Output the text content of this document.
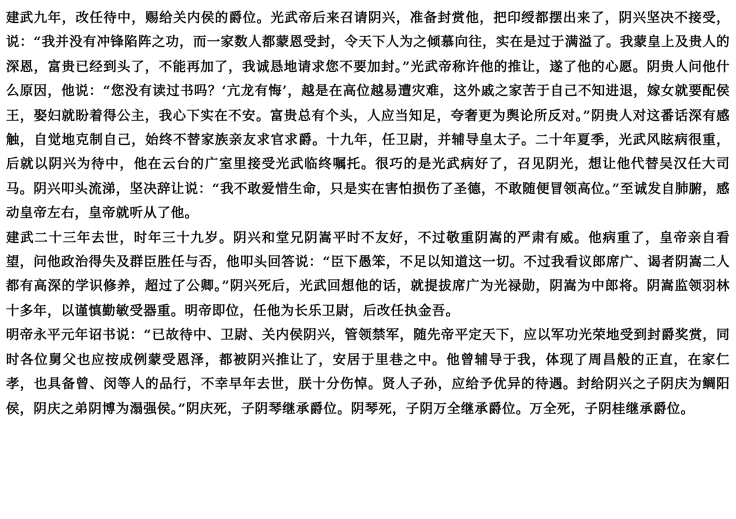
建武九年，改任待中，赐给关内侯的爵位。光武帝后来召请阴兴，准备封赏他，把印绶都摆出来了，阴兴坚决不接受，说：“我并没有冲锋陷阵之功，而一家数人都蒙恩受封，令天下人为之倾慕向往，实在是过于满溢了。我蒙皇上及贵人的深恩，富贵已经到头了，不能再加了，我诚恳地请求您不要加封。”光武帝称许他的推让，遂了他的心愿。阴贵人问他什么原因，他说：“您没有读过书吗？‘亢龙有悔’，越是在高位越易遭灾难，这外戚之家苦于自己不知进退，嫁女就要配侯王，娶妇就盼着得公主，我心下实在不安。富贵总有个头，人应当知足，夸奢更为舆论所反对。”阴贵人对这番话深有感触，自觉地克制自己，始终不替家族亲友求官求爵。十九年，任卫尉，并辅导皇太子。二十年夏季，光武风眩病很重，后就以阴兴为待中，他在云台的广室里接受光武临终嘱托。很巧的是光武病好了，召见阴光，想让他代替吴汉任大司马。阴兴叩头流涕，坚决辞让说：“我不敢爱惜生命，只是实在害怕损伤了圣德，不敢随便冒领高位。”至诚发自肺腑，感动皇帝左右，皇帝就听从了他。

建武二十三年去世，时年三十九岁。阴兴和堂兄阴嵩平时不友好，不过敬重阴嵩的严肃有威。他病重了，皇帝亲自看望，问他政治得失及群臣胜任与否，他叩头回答说：“臣下愚笨，不足以知道这一切。不过我看议郎席广、谒者阴嵩二人都有高深的学识修养，超过了公卿。”阴兴死后，光武回想他的话，就提拔席广为光禄勋，阴嵩为中郎将。阴嵩监领羽林十多年，以谨慎勤敏受器重。明帝即位，任他为长乐卫尉，后改任执金吾。

明帝永平元年诏书说：“已故待中、卫尉、关内侯阴兴，管领禁军，随先帝平定天下，应以军功光荣地受到封爵奖赏，同时各位舅父也应按成例蒙受恩泽，都被阴兴推让了，安居于里巷之中。他曾辅导于我，体现了周昌般的正直，在家仁孝，也具备曾、闵等人的品行，不幸早年去世，朕十分伤悼。贤人子孙，应给予优异的待遇。封给阴兴之子阴庆为鲷阳侯，阴庆之弟阴博为溻强侯。”阴庆死，子阴琴继承爵位。阴琴死，子阴万全继承爵位。万全死，子阴桂继承爵位。
